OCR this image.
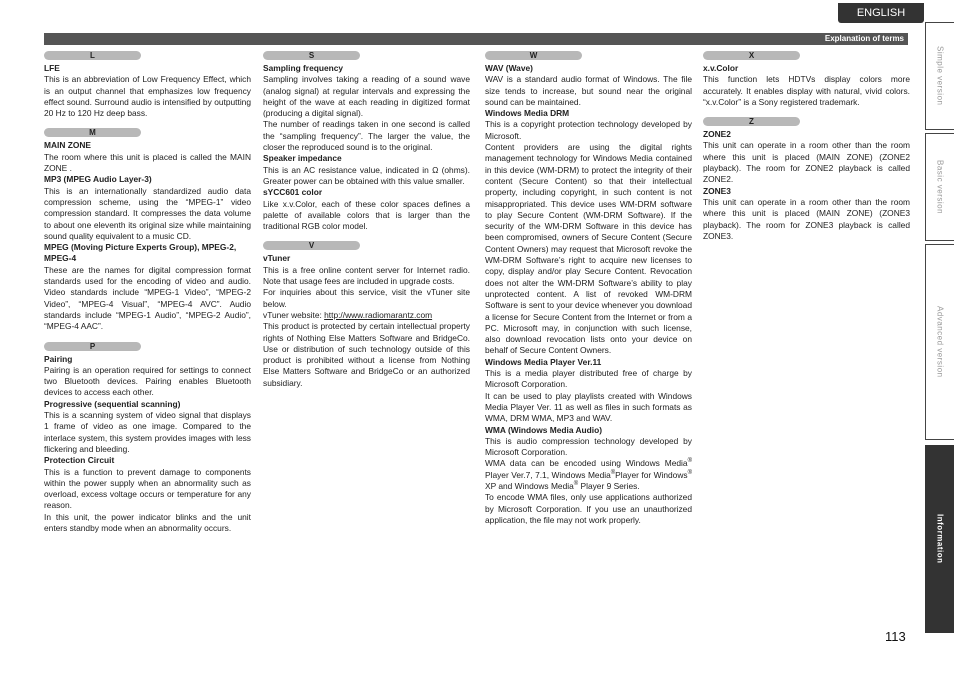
ENGLISH
Explanation of terms
L
LFE
This is an abbreviation of Low Frequency Effect, which is an output channel that emphasizes low frequency effect sound. Surround audio is intensified by outputting 20 Hz to 120 Hz deep bass.
M
MAIN ZONE
The room where this unit is placed is called the MAIN ZONE .
MP3 (MPEG Audio Layer-3)
This is an internationally standardized audio data compression scheme, using the “MPEG-1” video compression standard. It compresses the data volume to about one eleventh its original size while maintaining sound quality equivalent to a music CD.
MPEG (Moving Picture Experts Group), MPEG-2, MPEG-4
These are the names for digital compression format standards used for the encoding of video and audio. Video standards include “MPEG-1 Video”, “MPEG-2 Video”, “MPEG-4 Visual”, “MPEG-4 AVC”. Audio standards include “MPEG-1 Audio”, “MPEG-2 Audio”, “MPEG-4 AAC”.
P
Pairing
Pairing is an operation required for settings to connect two Bluetooth devices. Pairing enables Bluetooth devices to access each other.
Progressive (sequential scanning)
This is a scanning system of video signal that displays 1 frame of video as one image. Compared to the interlace system, this system provides images with less flickering and bleeding.
Protection Circuit
This is a function to prevent damage to components within the power supply when an abnormality such as overload, excess voltage occurs or temperature for any reason.
In this unit, the power indicator blinks and the unit enters standby mode when an abnormality occurs.
S
Sampling frequency
Sampling involves taking a reading of a sound wave (analog signal) at regular intervals and expressing the height of the wave at each reading in digitized format (producing a digital signal).
The number of readings taken in one second is called the “sampling frequency”. The larger the value, the closer the reproduced sound is to the original.
Speaker impedance
This is an AC resistance value, indicated in Ω (ohms). Greater power can be obtained with this value smaller.
sYCC601 color
Like x.v.Color, each of these color spaces defines a palette of available colors that is larger than the traditional RGB color model.
V
vTuner
This is a free online content server for Internet radio. Note that usage fees are included in upgrade costs.
For inquiries about this service, visit the vTuner site below.
vTuner website: http://www.radiomarantz.com
This product is protected by certain intellectual property rights of Nothing Else Matters Software and BridgeCo. Use or distribution of such technology outside of this product is prohibited without a license from Nothing Else Matters Software and BridgeCo or an authorized subsidiary.
W
WAV (Wave)
WAV is a standard audio format of Windows. The file size tends to increase, but sound near the original sound can be maintained.
Windows Media DRM
This is a copyright protection technology developed by Microsoft.
Content providers are using the digital rights management technology for Windows Media contained in this device (WM-DRM) to protect the integrity of their content (Secure Content) so that their intellectual property, including copyright, in such content is not misappropriated. This device uses WM-DRM software to play Secure Content (WM-DRM Software). If the security of the WM-DRM Software in this device has been compromised, owners of Secure Content (Secure Content Owners) may request that Microsoft revoke the WM-DRM Software’s right to acquire new licenses to copy, display and/or play Secure Content. Revocation does not alter the WM-DRM Software’s ability to play unprotected content. A list of revoked WM-DRM Software is sent to your device whenever you download a license for Secure Content from the Internet or from a PC. Microsoft may, in conjunction with such license, also download revocation lists onto your device on behalf of Secure Content Owners.
Windows Media Player Ver.11
This is a media player distributed free of charge by Microsoft Corporation.
It can be used to play playlists created with Windows Media Player Ver. 11 as well as files in such formats as WMA, DRM WMA, MP3 and WAV.
WMA (Windows Media Audio)
This is audio compression technology developed by Microsoft Corporation.
WMA data can be encoded using Windows Media® Player Ver.7, 7.1, Windows Media®Player for Windows® XP and Windows Media® Player 9 Series.
To encode WMA files, only use applications authorized by Microsoft Corporation. If you use an unauthorized application, the file may not work properly.
X
x.v.Color
This function lets HDTVs display colors more accurately. It enables display with natural, vivid colors. “x.v.Color” is a Sony registered trademark.
Z
ZONE2
This unit can operate in a room other than the room where this unit is placed (MAIN ZONE) (ZONE2 playback). The room for ZONE2 playback is called ZONE2.
ZONE3
This unit can operate in a room other than the room where this unit is placed (MAIN ZONE) (ZONE3 playback). The room for ZONE3 playback is called ZONE3.
Simple version
Basic version
Advanced version
Information
113
